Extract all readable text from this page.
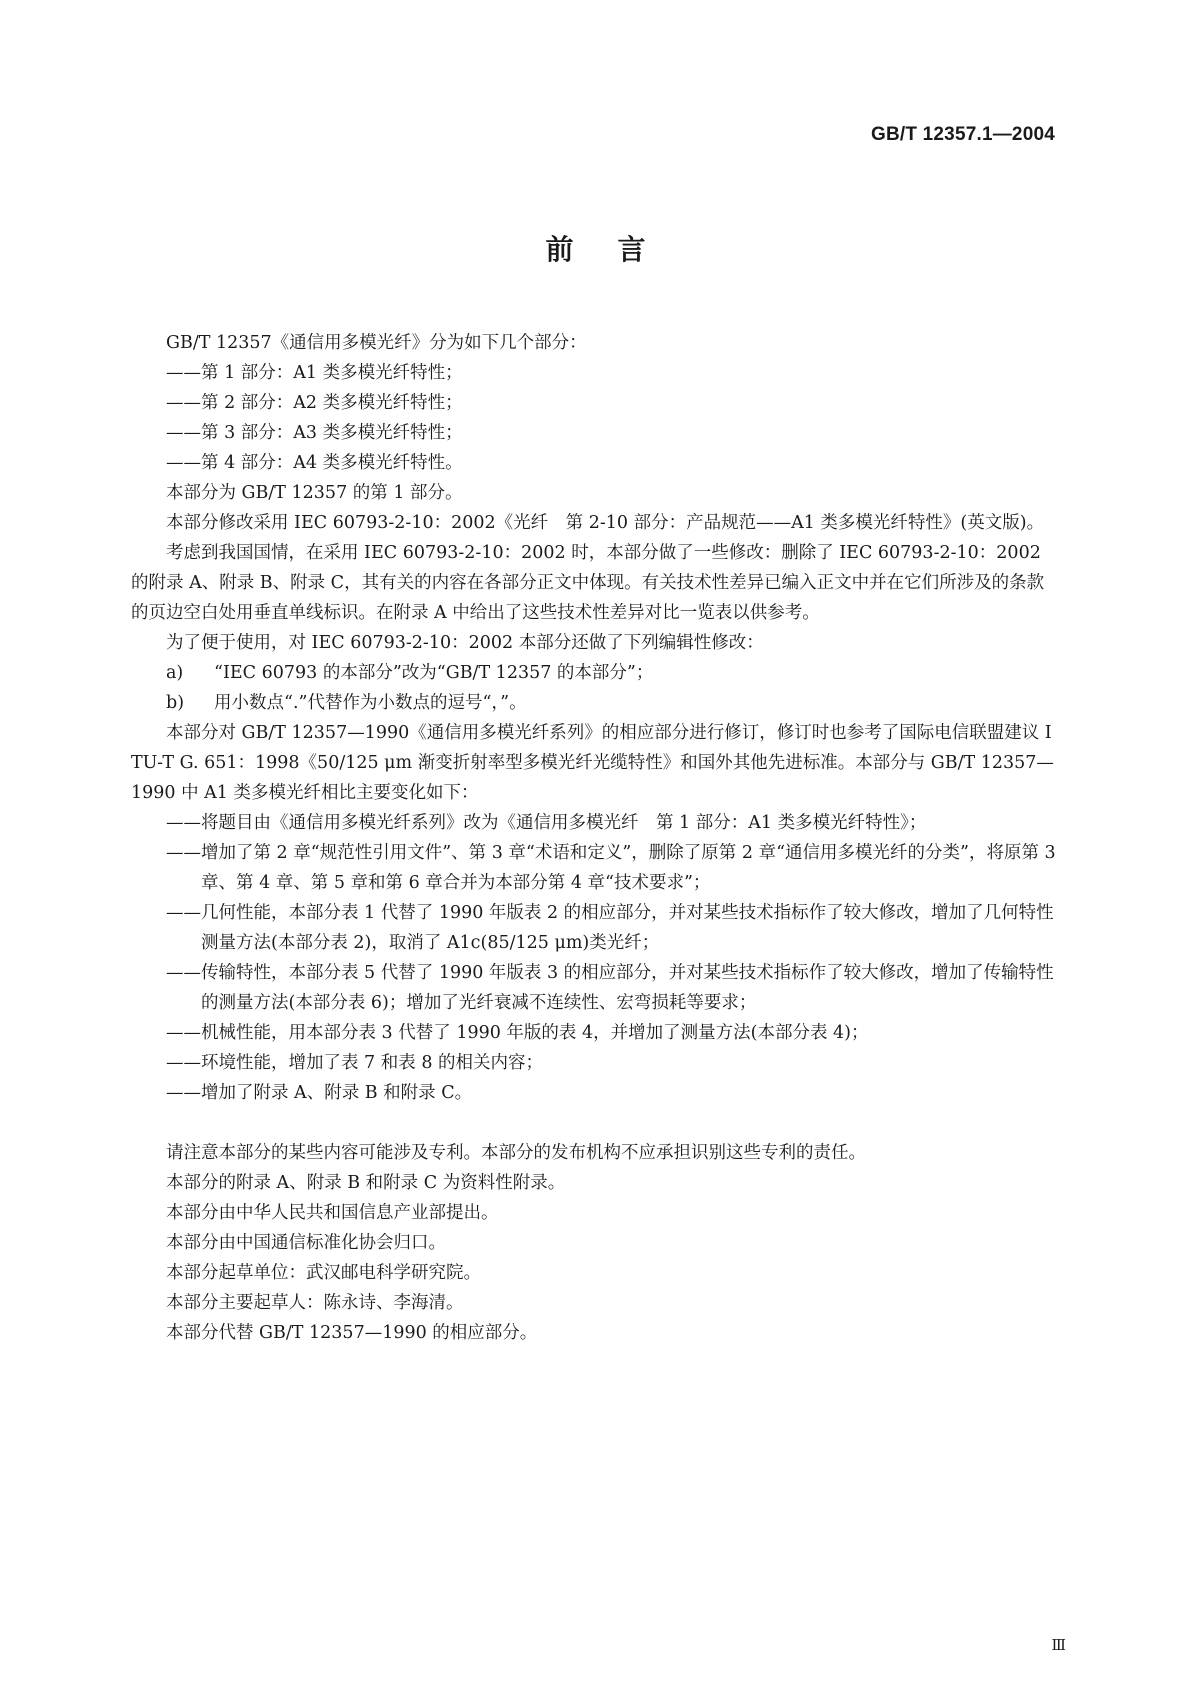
GB/T 12357.1—2004

前言

GB/T 12357《通信用多模光纤》分为如下几个部分：

——第 1 部分：A1 类多模光纤特性；

——第 2 部分：A2 类多模光纤特性；

——第 3 部分：A3 类多模光纤特性；

——第 4 部分：A4 类多模光纤特性。

本部分为 GB/T 12357 的第 1 部分。

本部分修改采用 IEC 60793-2-10：2002《光纤　第 2-10 部分：产品规范——A1 类多模光纤特性》(英文版)。

考虑到我国国情，在采用 IEC 60793-2-10：2002 时，本部分做了一些修改：删除了 IEC 60793-2-10：2002 的附录 A、附录 B、附录 C，其有关的内容在各部分正文中体现。有关技术性差异已编入正文中并在它们所涉及的条款的页边空白处用垂直单线标识。在附录 A 中给出了这些技术性差异对比一览表以供参考。

为了便于使用，对 IEC 60793-2-10：2002 本部分还做了下列编辑性修改：

a) “IEC 60793 的本部分”改为“GB/T 12357 的本部分”；

b) 用小数点“.”代替作为小数点的逗号“，”。

本部分对 GB/T 12357—1990《通信用多模光纤系列》的相应部分进行修订，修订时也参考了国际电信联盟建议 ITU-T G. 651：1998《50/125 μm 渐变折射率型多模光纤光缆特性》和国外其他先进标准。本部分与 GB/T 12357—1990 中 A1 类多模光纤相比主要变化如下：

——将题目由《通信用多模光纤系列》改为《通信用多模光纤　第 1 部分：A1 类多模光纤特性》；

——增加了第 2 章“规范性引用文件”、第 3 章“术语和定义”，删除了原第 2 章“通信用多模光纤的分类”，将原第 3 章、第 4 章、第 5 章和第 6 章合并为本部分第 4 章“技术要求”；

——几何性能，本部分表 1 代替了 1990 年版表 2 的相应部分，并对某些技术指标作了较大修改，增加了几何特性测量方法(本部分表 2)，取消了 A1c(85/125 μm)类光纤；

——传输特性，本部分表 5 代替了 1990 年版表 3 的相应部分，并对某些技术指标作了较大修改，增加了传输特性的测量方法(本部分表 6)；增加了光纤衰减不连续性、宏弯损耗等要求；

——机械性能，用本部分表 3 代替了 1990 年版的表 4，并增加了测量方法(本部分表 4)；

——环境性能，增加了表 7 和表 8 的相关内容；

——增加了附录 A、附录 B 和附录 C。

请注意本部分的某些内容可能涉及专利。本部分的发布机构不应承担识别这些专利的责任。

本部分的附录 A、附录 B 和附录 C 为资料性附录。

本部分由中华人民共和国信息产业部提出。

本部分由中国通信标准化协会归口。

本部分起草单位：武汉邮电科学研究院。

本部分主要起草人：陈永诗、李海清。

本部分代替 GB/T 12357—1990 的相应部分。

Ⅲ
